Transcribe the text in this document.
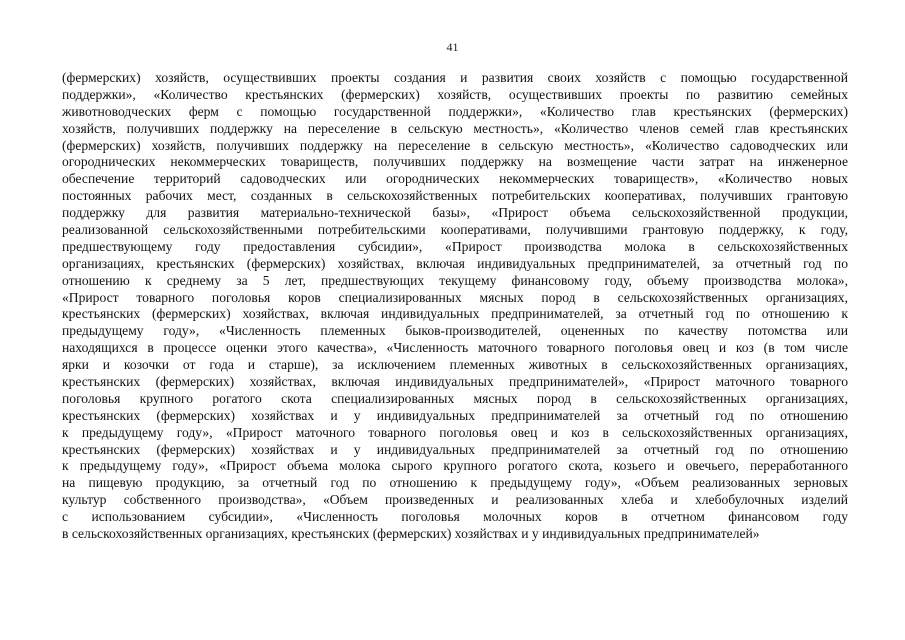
41
(фермерских) хозяйств, осуществивших проекты создания и развития своих хозяйств с помощью государственной
поддержки», «Количество крестьянских (фермерских) хозяйств, осуществивших проекты по развитию семейных
животноводческих ферм с помощью государственной поддержки», «Количество глав крестьянских (фермерских)
хозяйств, получивших поддержку на переселение в сельскую местность», «Количество членов семей глав крестьянских
(фермерских) хозяйств, получивших поддержку на переселение в сельскую местность», «Количество садоводческих или
огороднических некоммерческих товариществ, получивших поддержку на возмещение части затрат на инженерное
обеспечение территорий садоводческих или огороднических некоммерческих товариществ», «Количество новых
постоянных рабочих мест, созданных в сельскохозяйственных потребительских кооперативах, получивших грантовую
поддержку для развития материально-технической базы», «Прирост объема сельскохозяйственной продукции,
реализованной сельскохозяйственными потребительскими кооперативами, получившими грантовую поддержку, к году,
предшествующему году предоставления субсидии», «Прирост производства молока в сельскохозяйственных
организациях, крестьянских (фермерских) хозяйствах, включая индивидуальных предпринимателей, за отчетный год по
отношению к среднему за 5 лет, предшествующих текущему финансовому году, объему производства молока»,
«Прирост товарного поголовья коров специализированных мясных пород в сельскохозяйственных организациях,
крестьянских (фермерских) хозяйствах, включая индивидуальных предпринимателей, за отчетный год по отношению к
предыдущему году», «Численность племенных быков-производителей, оцененных по качеству потомства или
находящихся в процессе оценки этого качества», «Численность маточного товарного поголовья овец и коз (в том числе
ярки и козочки от года и старше), за исключением племенных животных в сельскохозяйственных организациях,
крестьянских (фермерских) хозяйствах, включая индивидуальных предпринимателей», «Прирост маточного товарного
поголовья крупного рогатого скота специализированных мясных пород в сельскохозяйственных организациях,
крестьянских (фермерских) хозяйствах и у индивидуальных предпринимателей за отчетный год по отношению
к предыдущему году», «Прирост маточного товарного поголовья овец и коз в сельскохозяйственных организациях,
крестьянских (фермерских) хозяйствах и у индивидуальных предпринимателей за отчетный год по отношению
к предыдущему году», «Прирост объема молока сырого крупного рогатого скота, козьего и овечьего, переработанного
на пищевую продукцию, за отчетный год по отношению к предыдущему году», «Объем реализованных зерновых
культур собственного производства», «Объем произведенных и реализованных хлеба и хлебобулочных изделий
с использованием субсидии», «Численность поголовья молочных коров в отчетном финансовом году
в сельскохозяйственных организациях, крестьянских (фермерских) хозяйствах и у индивидуальных предпринимателей»
